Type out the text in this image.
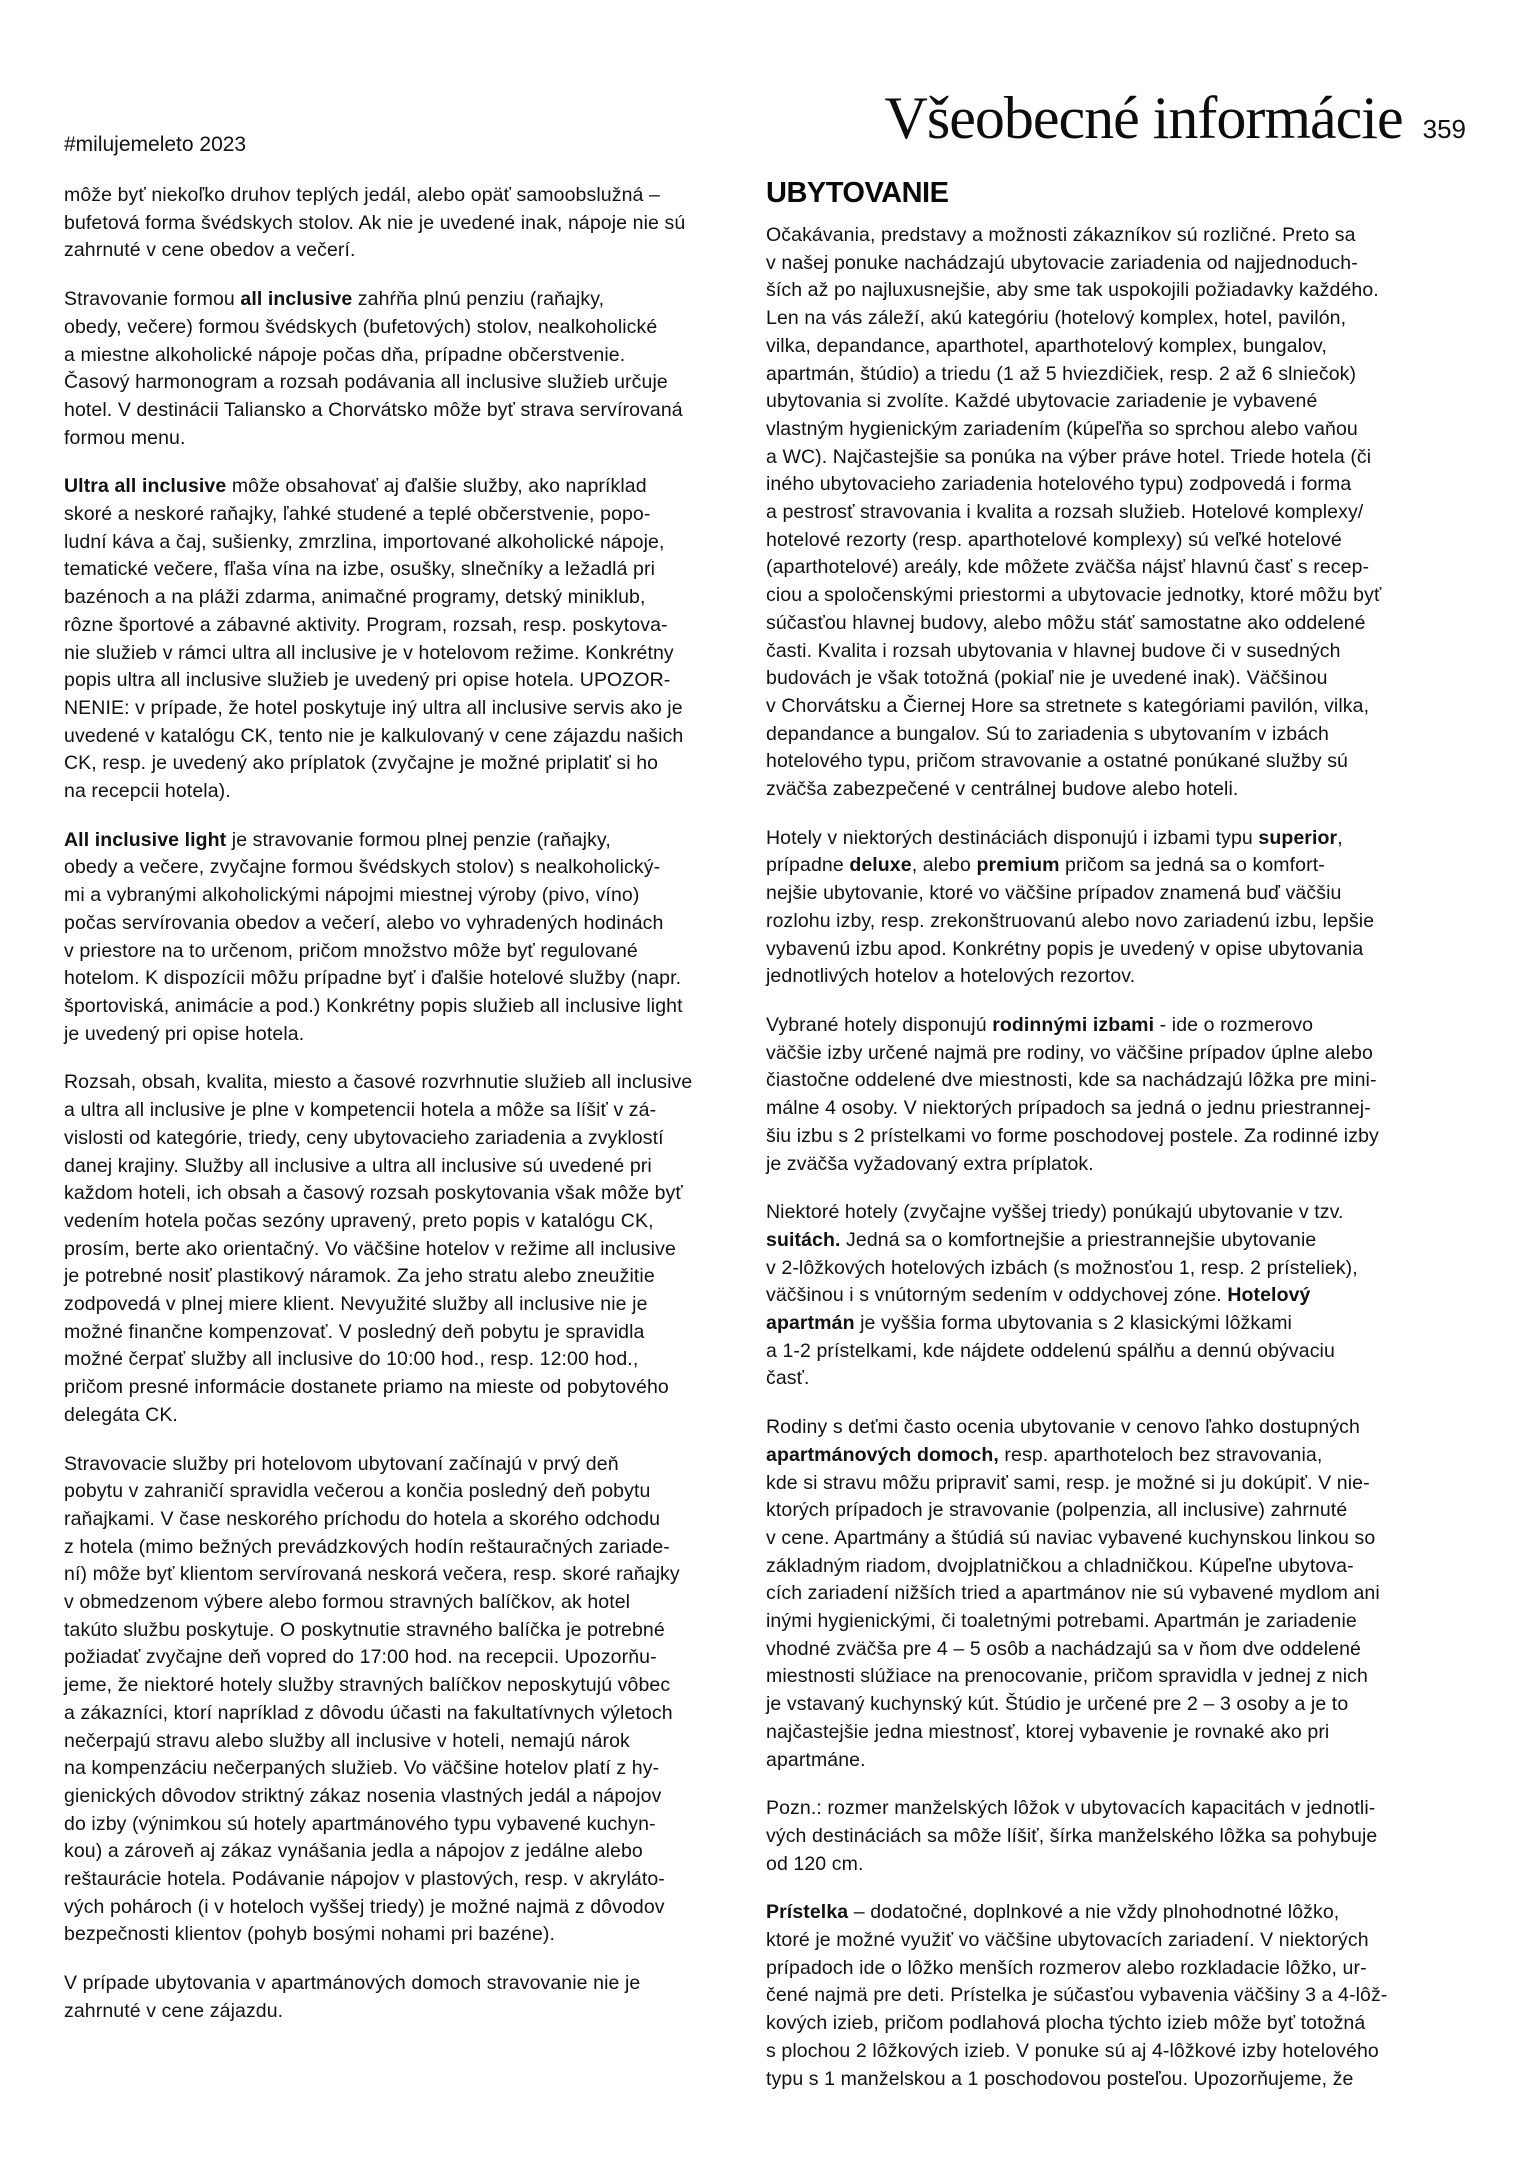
#milujemeleto 2023	Všeobecné informácie 359
môže byť niekoľko druhov teplých jedál, alebo opäť samoobslužná –
bufetová forma švédskych stolov. Ak nie je uvedené inak, nápoje nie sú
zahrnuté v cene obedov a večerí.
Stravovanie formou all inclusive zahŕňa plnú penziu (raňajky,
obedy, večere) formou švédskych (bufetových) stolov, nealkoholické
a miestne alkoholické nápoje počas dňa, prípadne občerstvenie.
Časový harmonogram a rozsah podávania all inclusive služieb určuje
hotel. V destinácii Taliansko a Chorvátsko môže byť strava servírovaná
formou menu.
Ultra all inclusive môže obsahovať aj ďalšie služby, ako napríklad
skoré a neskoré raňajky, ľahké studené a teplé občerstvenie, popo-
ludní káva a čaj, sušienky, zmrzlina, importované alkoholické nápoje,
tematické večere, fľaša vína na izbe, osušky, slnečníky a ležadlá pri
bazénoch a na pláži zdarma, animačné programy, detský miniklub,
rôzne športové a zábavné aktivity. Program, rozsah, resp. poskytova-
nie služieb v rámci ultra all inclusive je v hotelovom režime. Konkrétny
popis ultra all inclusive služieb je uvedený pri opise hotela. UPOZOR-
NENIE: v prípade, že hotel poskytuje iný ultra all inclusive servis ako je
uvedené v katalógu CK, tento nie je kalkulovaný v cene zájazdu našich
CK, resp. je uvedený ako príplatok (zvyčajne je možné priplatiť si ho
na recepcii hotela).
All inclusive light je stravovanie formou plnej penzie (raňajky,
obedy a večere, zvyčajne formou švédskych stolov) s nealkoholický-
mi a vybranými alkoholickými nápojmi miestnej výroby (pivo, víno)
počas servírovania obedov a večerí, alebo vo vyhradených hodinách
v priestore na to určenom, pričom množstvo môže byť regulované
hotelom. K dispozícii môžu prípadne byť i ďalšie hotelové služby (napr.
športoviská, animácie a pod.) Konkrétny popis služieb all inclusive light
je uvedený pri opise hotela.
Rozsah, obsah, kvalita, miesto a časové rozvrhnutie služieb all inclusive
a ultra all inclusive je plne v kompetencii hotela a môže sa líšiť v zá-
vislosti od kategórie, triedy, ceny ubytovacieho zariadenia a zvyklostí
danej krajiny. Služby all inclusive a ultra all inclusive sú uvedené pri
každom hoteli, ich obsah a časový rozsah poskytovania však môže byť
vedením hotela počas sezóny upravený, preto popis v katalógu CK,
prosím, berte ako orientačný. Vo väčšine hotelov v režime all inclusive
je potrebné nosiť plastikový náramok. Za jeho stratu alebo zneužitie
zodpovedá v plnej miere klient. Nevyužité služby all inclusive nie je
možné finančne kompenzovať. V posledný deň pobytu je spravidla
možné čerpať služby all inclusive do 10:00 hod., resp. 12:00 hod.,
pričom presné informácie dostanete priamo na mieste od pobytového
delegáta CK.
Stravovacie služby pri hotelovom ubytovaní začínajú v prvý deň
pobytu v zahraničí spravidla večerou a končia posledný deň pobytu
raňajkami. V čase neskorého príchodu do hotela a skorého odchodu
z hotela (mimo bežných prevádzkových hodín reštauračných zariade-
ní) môže byť klientom servírovaná neskorá večera, resp. skoré raňajky
v obmedzenom výbere alebo formou stravných balíčkov, ak hotel
takúto službu poskytuje. O poskytnutie stravného balíčka je potrebné
požiadať zvyčajne deň vopred do 17:00 hod. na recepcii. Upozorňu-
jeme, že niektoré hotely služby stravných balíčkov neposkytujú vôbec
a zákazníci, ktorí napríklad z dôvodu účasti na fakultatívnych výletoch
nečerpajú stravu alebo služby all inclusive v hoteli, nemajú nárok
na kompenzáciu nečerpaných služieb. Vo väčšine hotelov platí z hy-
gienických dôvodov striktný zákaz nosenia vlastných jedál a nápojov
do izby (výnimkou sú hotely apartmánového typu vybavené kuchyn-
kou) a zároveň aj zákaz vynášania jedla a nápojov z jedálne alebo
reštaurácie hotela. Podávanie nápojov v plastových, resp. v akryláto-
vých pohároch (i v hoteloch vyššej triedy) je možné najmä z dôvodov
bezpečnosti klientov (pohyb bosými nohami pri bazéne).
V prípade ubytovania v apartmánových domoch stravovanie nie je
zahrnuté v cene zájazdu.
UBYTOVANIE
Očakávania, predstavy a možnosti zákazníkov sú rozličné. Preto sa
v našej ponuke nachádzajú ubytovacie zariadenia od najjednoduch-
ších až po najluxusnejšie, aby sme tak uspokojili požiadavky každého.
Len na vás záleží, akú kategóriu (hotelový komplex, hotel, pavilón,
vilka, depandance, aparthotel, aparthotelový komplex, bungalov,
apartmán, štúdio) a triedu (1 až 5 hviezdičiek, resp. 2 až 6 slniečok)
ubytovania si zvolíte. Každé ubytovacie zariadenie je vybavené
vlastným hygienickým zariadením (kúpeľňa so sprchou alebo vaňou
a WC). Najčastejšie sa ponúka na výber práve hotel. Triede hotela (či
iného ubytovacieho zariadenia hotelového typu) zodpovedá i forma
a pestrosť stravovania i kvalita a rozsah služieb. Hotelové komplexy/
hotelové rezorty (resp. aparthotelové komplexy) sú veľké hotelové
(aparthotelové) areály, kde môžete zväčša nájsť hlavnú časť s recep-
ciou a spoločenskými priestormi a ubytovacie jednotky, ktoré môžu byť
súčasťou hlavnej budovy, alebo môžu stáť samostatne ako oddelené
časti. Kvalita i rozsah ubytovania v hlavnej budove či v susedných
budovách je však totožná (pokiaľ nie je uvedené inak). Väčšinou
v Chorvátsku a Čiernej Hore sa stretnete s kategóriami pavilón, vilka,
depandance a bungalov. Sú to zariadenia s ubytovaním v izbách
hotelového typu, pričom stravovanie a ostatné ponúkané služby sú
zväčša zabezpečené v centrálnej budove alebo hoteli.
Hotely v niektorých destináciách disponujú i izbami typu superior,
prípadne deluxe, alebo premium pričom sa jedná sa o komfort-
nejšie ubytovanie, ktoré vo väčšine prípadov znamená buď väčšiu
rozlohu izby, resp. zrekonštruovanú alebo novo zariadenú izbu, lepšie
vybavenú izbu apod. Konkrétny popis je uvedený v opise ubytovania
jednotlivých hotelov a hotelových rezortov.
Vybrané hotely disponujú rodinnými izbami - ide o rozmerovo
väčšie izby určené najmä pre rodiny, vo väčšine prípadov úplne alebo
čiastočne oddelené dve miestnosti, kde sa nachádzajú lôžka pre mini-
málne 4 osoby. V niektorých prípadoch sa jedná o jednu priestrannej-
šiu izbu s 2 prístelkami vo forme poschodovej postele. Za rodinné izby
je zväčša vyžadovaný extra príplatok.
Niektoré hotely (zvyčajne vyššej triedy) ponúkajú ubytovanie v tzv.
suitách. Jedná sa o komfortnejšie a priestrannejšie ubytovanie
v 2-lôžkových hotelových izbách (s možnosťou 1, resp. 2 prísteliek),
väčšinou i s vnútorným sedením v oddychovej zóne. Hotelový
apartmán je vyššia forma ubytovania s 2 klasickými lôžkami
a 1-2 prístelkami, kde nájdete oddelenú spálňu a dennú obývaciu
časť.
Rodiny s deťmi často ocenia ubytovanie v cenovo ľahko dostupných
apartmánových domoch, resp. aparthoteloch bez stravovania,
kde si stravu môžu pripraviť sami, resp. je možné si ju dokúpiť. V nie-
ktorých prípadoch je stravovanie (polpenzia, all inclusive) zahrnuté
v cene. Apartmány a štúdiá sú naviac vybavené kuchynskou linkou so
základným riadom, dvojplatničkou a chladničkou. Kúpeľne ubytova-
cích zariadení nižších tried a apartmánov nie sú vybavené mydlom ani
inými hygienickými, či toaletnými potrebami. Apartmán je zariadenie
vhodné zväčša pre 4 – 5 osôb a nachádzajú sa v ňom dve oddelené
miestnosti slúžiace na prenocovanie, pričom spravidla v jednej z nich
je vstavaný kuchynský kút. Štúdio je určené pre 2 – 3 osoby a je to
najčastejšie jedna miestnosť, ktorej vybavenie je rovnaké ako pri
apartmáne.
Pozn.: rozmer manželských lôžok v ubytovacích kapacitách v jednotli-
vých destináciách sa môže líšiť, šírka manželského lôžka sa pohybuje
od 120 cm.
Prístelka – dodatočné, doplnkové a nie vždy plnohodnotné lôžko,
ktoré je možné využiť vo väčšine ubytovacích zariadení. V niektorých
prípadoch ide o lôžko menších rozmerov alebo rozkladacie lôžko, ur-
čené najmä pre deti. Prístelka je súčasťou vybavenia väčšiny 3 a 4-lôž-
kových izieb, pričom podlahová plocha týchto izieb môže byť totožná
s plochou 2 lôžkových izieb. V ponuke sú aj 4-lôžkové izby hotelového
typu s 1 manželskou a 1 poschodovou posteľou. Upozorňujeme, že
